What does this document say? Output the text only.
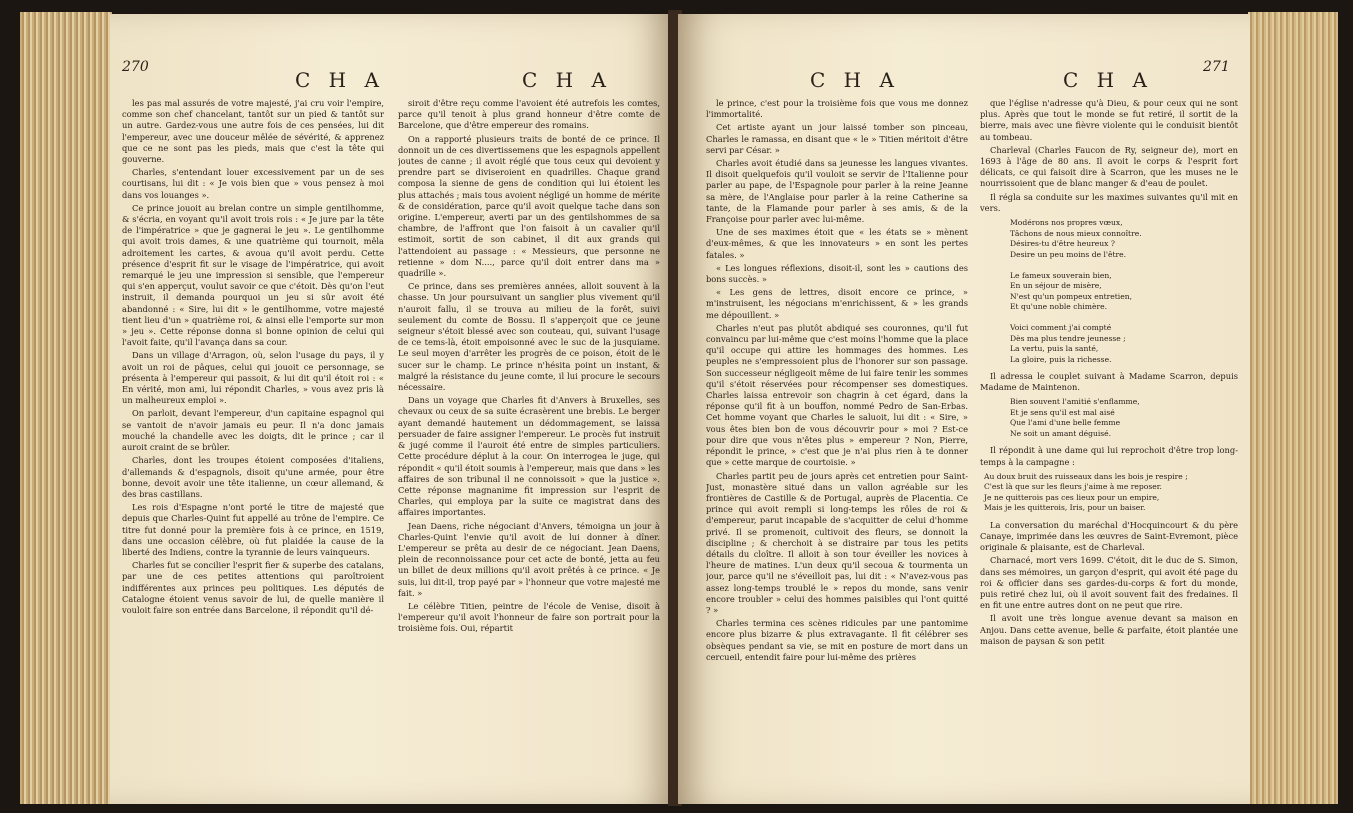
270
C H A	C H A

les pas mal assurés de votre majesté, j'ai cru voir l'empire, comme son chef chancelant, tantôt sur un pied & tantôt sur un autre. Gardez-vous une autre fois de ces pensées, lui dit l'empereur, avec une douceur mêlée de sévérité, & apprenez que ce ne sont pas les pieds, mais que c'est la tête qui gouverne.

Charles, s'entendant louer excessivement par un de ses courtisans, lui dit : « Je vois bien que » vous pensez à moi dans vos louanges ».

Ce prince jouoit au brelan contre un simple gentilhomme, & s'écria, en voyant qu'il avoit trois rois : « Je jure par la tête de l'impératrice » que je gagnerai le jeu ». Le gentilhomme qui avoit trois dames, & une quatrième qui tournoit, mêla adroitement les cartes, & avoua qu'il avoit perdu. Cette présence d'esprit fit sur le visage de l'impératrice, qui avoit remarqué le jeu une impression si sensible, que l'empereur qui s'en apperçut, voulut savoir ce que c'étoit. Dès qu'on l'eut instruit, il demanda pourquoi un jeu si sûr avoit été abandonné : « Sire, lui dit » le gentilhomme, votre majesté tient lieu d'un » quatrième roi, & ainsi elle l'emporte sur mon » jeu ». Cette réponse donna si bonne opinion de celui qui l'avoit faite, qu'il l'avança dans sa cour.

Dans un village d'Arragon, où, selon l'usage du pays, il y avoit un roi de pâques, celui qui jouoit ce personnage, se présenta à l'empereur qui passoit, & lui dit qu'il étoit roi : « En vérité, mon ami, lui répondit Charles, » vous avez pris là un malheureux emploi ».

On parloit, devant l'empereur, d'un capitaine espagnol qui se vantoit de n'avoir jamais eu peur. Il n'a donc jamais mouché la chandelle avec les doigts, dit le prince ; car il auroit craint de se brûler.

Charles, dont les troupes étoient composées d'italiens, d'allemands & d'espagnols, disoit qu'une armée, pour être bonne, devoit avoir une tête italienne, un cœur allemand, & des bras castillans.

Les rois d'Espagne n'ont porté le titre de majesté que depuis que Charles-Quint fut appellé au trône de l'empire. Ce titre fut donné pour la première fois à ce prince, en 1519, dans une occasion célèbre, où fut plaidée la cause de la liberté des Indiens, contre la tyrannie de leurs vainqueurs.

Charles fut se concilier l'esprit fier & superbe des catalans, par une de ces petites attentions qui paroîtroient indifférentes aux princes peu politiques. Les députés de Catalogne étoient venus savoir de lui, de quelle manière il vouloit faire son entrée dans Barcelone, il répondit qu'il dé-

siroit d'être reçu comme l'avoient été autrefois les comtes, parce qu'il tenoit à plus grand honneur d'être comte de Barcelone, que d'être empereur des romains.

On a rapporté plusieurs traits de bonté de ce prince. Il donnoit un de ces divertissemens que les espagnols appellent joutes de canne ; il avoit réglé que tous ceux qui devoient y prendre part se diviseroient en quadrilles. Chaque grand composa la sienne de gens de condition qui lui étoient les plus attachés ; mais tous avoient négligé un homme de mérite & de considération, parce qu'il avoit quelque tache dans son origine. L'empereur, averti par un des gentilshommes de sa chambre, de l'affront que l'on faisoit à un cavalier qu'il estimoit, sortit de son cabinet, il dit aux grands qui l'attendoient au passage : « Messieurs, que personne ne retienne » dom N...., parce qu'il doit entrer dans ma » quadrille ».

Ce prince, dans ses premières années, alloit souvent à la chasse. Un jour poursuivant un sanglier plus vivement qu'il n'auroit fallu, il se trouva au milieu de la forêt, suivi seulement du comte de Bossu. Il s'apperçoit que ce jeune seigneur s'étoit blessé avec son couteau, qui, suivant l'usage de ce tems-là, étoit empoisonné avec le suc de la jusquiame. Le seul moyen d'arrêter les progrès de ce poison, étoit de le sucer sur le champ. Le prince n'hésita point un instant, & malgré la résistance du jeune comte, il lui procure le secours nécessaire.

Dans un voyage que Charles fit d'Anvers à Bruxelles, ses chevaux ou ceux de sa suite écrasèrent une brebis. Le berger ayant demandé hautement un dédommagement, se laissa persuader de faire assigner l'empereur. Le procès fut instruit & jugé comme il l'auroit été entre de simples particuliers. Cette procédure déplut à la cour. On interrogea le juge, qui répondit « qu'il étoit soumis à l'empereur, mais que dans » les affaires de son tribunal il ne connoissoit » que la justice ». Cette réponse magnanime fit impression sur l'esprit de Charles, qui employa par la suite ce magistrat dans des affaires importantes.

Jean Daens, riche négociant d'Anvers, témoigna un jour à Charles-Quint l'envie qu'il avoit de lui donner à dîner. L'empereur se prêta au desir de ce négociant. Jean Daens, plein de reconnoissance pour cet acte de bonté, jetta au feu un billet de deux millions qu'il avoit prêtés à ce prince. « Je suis, lui dit-il, trop payé par » l'honneur que votre majesté me fait. »

Le célèbre Titien, peintre de l'école de Venise, disoit à l'empereur qu'il avoit l'honneur de faire son portrait pour la troisième fois. Oui, répartit

C H A	C H A
271

le prince, c'est pour la troisième fois que vous me donnez l'immortalité.

Cet artiste ayant un jour laissé tomber son pinceau, Charles le ramassa, en disant que « le » Titien méritoit d'être servi par César. »

Charles avoit étudié dans sa jeunesse les langues vivantes. Il disoit quelquefois qu'il vouloit se servir de l'Italienne pour parler au pape, de l'Espagnole pour parler à la reine Jeanne sa mère, de l'Anglaise pour parler à la reine Catherine sa tante, de la Flamande pour parler à ses amis, & de la Françoise pour parler avec lui-même.

Une de ses maximes étoit que « les états se » mènent d'eux-mêmes, & que les innovateurs » en sont les pertes fatales. »

« Les longues réflexions, disoit-il, sont les » cautions des bons succès. »

« Les gens de lettres, disoit encore ce prince, » m'instruisent, les négocians m'enrichissent, & » les grands me dépouillent. »

Charles n'eut pas plutôt abdiqué ses couronnes, qu'il fut convaincu par lui-même que c'est moins l'homme que la place qu'il occupe qui attire les hommages des hommes. Les peuples ne s'empressoient plus de l'honorer sur son passage. Son successeur négligeoit même de lui faire tenir les sommes qu'il s'étoit réservées pour récompenser ses domestiques. Charles laissa entrevoir son chagrin à cet égard, dans la réponse qu'il fit à un bouffon, nommé Pedro de San-Erbas. Cet homme voyant que Charles le saluoit, lui dit : « Sire, » vous êtes bien bon de vous découvrir pour » moi ? Est-ce pour dire que vous n'êtes plus » empereur ? Non, Pierre, répondit le prince, » c'est que je n'ai plus rien à te donner que » cette marque de courtoisie. »

Charles partit peu de jours après cet entretien pour Saint-Just, monastère situé dans un vallon agréable sur les frontières de Castille & de Portugal, auprès de Placentia. Ce prince qui avoit rempli si long-temps les rôles de roi & d'empereur, parut incapable de s'acquitter de celui d'homme privé. Il se promenoit, cultivoit des fleurs, se donnoit la discipline ; & cherchoit à se distraire par tous les petits détails du cloître. Il alloit à son tour éveiller les novices à l'heure de matines. L'un deux qu'il secoua & tourmenta un jour, parce qu'il ne s'éveilloit pas, lui dit : « N'avez-vous pas assez long-temps troublé le » repos du monde, sans venir encore troubler » celui des hommes paisibles qui l'ont quitté ? »

Charles termina ces scènes ridicules par une pantomime encore plus bizarre & plus extravagante. Il fit célébrer ses obsèques pendant sa vie, se mit en posture de mort dans un cercueil, entendit faire pour lui-même des prières

que l'église n'adresse qu'à Dieu, & pour ceux qui ne sont plus. Après que tout le monde se fut retiré, il sortit de la bierre, mais avec une fièvre violente qui le conduisit bientôt au tombeau.

Charleval (Charles Faucon de Ry, seigneur de), mort en 1693 à l'âge de 80 ans. Il avoit le corps & l'esprit fort délicats, ce qui faisoit dire à Scarron, que les muses ne le nourrissoient que de blanc manger & d'eau de poulet.

Il régla sa conduite sur les maximes suivantes qu'il mit en vers.

Modérons nos propres vœux,
Tâchons de nous mieux connoître.
Désires-tu d'être heureux ?
Desire un peu moins de l'être.
Le fameux souverain bien,
En un séjour de misère,
N'est qu'un pompeux entretien,
Et qu'une noble chimère.
Voici comment j'ai compté
Dès ma plus tendre jeunesse ;
La vertu, puis la santé,
La gloire, puis la richesse.

Il adressa le couplet suivant à Madame Scarron, depuis Madame de Maintenon.

Bien souvent l'amitié s'enflamme,
Et je sens qu'il est mal aisé
Que l'ami d'une belle femme
Ne soit un amant déguisé.

Il répondit à une dame qui lui reprochoit d'être trop long-temps à la campagne :

Au doux bruit des ruisseaux dans les bois je respire ;
C'est là que sur les fleurs j'aime à me reposer.
Je ne quitterois pas ces lieux pour un empire,
Mais je les quitterois, Iris, pour un baiser.

La conversation du maréchal d'Hocquincourt & du père Canaye, imprimée dans les œuvres de Saint-Evremont, pièce originale & plaisante, est de Charleval.

Charnacé, mort vers 1699. C'étoit, dit le duc de S. Simon, dans ses mémoires, un garçon d'esprit, qui avoit été page du roi & officier dans ses gardes-du-corps & fort du monde, puis retiré chez lui, où il avoit souvent fait des fredaines. Il en fit une entre autres dont on ne peut que rire.

Il avoit une très longue avenue devant sa maison en Anjou. Dans cette avenue, belle & parfaite, étoit plantée une maison de paysan & son petit
